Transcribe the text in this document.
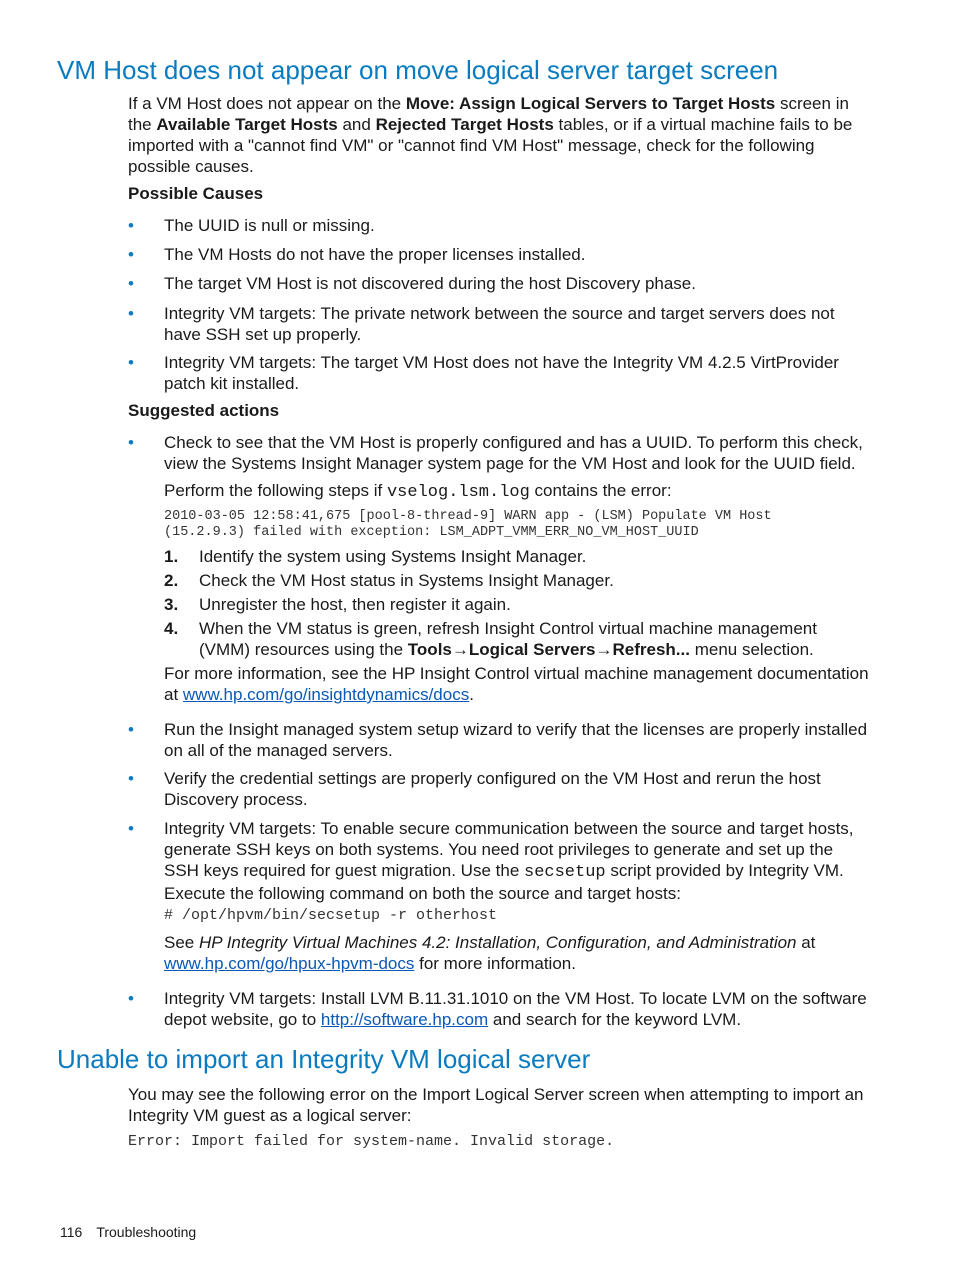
VM Host does not appear on move logical server target screen

If a VM Host does not appear on the Move: Assign Logical Servers to Target Hosts screen in the Available Target Hosts and Rejected Target Hosts tables, or if a virtual machine fails to be imported with a "cannot find VM" or "cannot find VM Host" message, check for the following possible causes.

Possible Causes

• The UUID is null or missing.
• The VM Hosts do not have the proper licenses installed.
• The target VM Host is not discovered during the host Discovery phase.
• Integrity VM targets: The private network between the source and target servers does not have SSH set up properly.
• Integrity VM targets: The target VM Host does not have the Integrity VM 4.2.5 VirtProvider patch kit installed.

Suggested actions

• Check to see that the VM Host is properly configured and has a UUID. To perform this check, view the Systems Insight Manager system page for the VM Host and look for the UUID field.

Perform the following steps if vselog.lsm.log contains the error:

2010-03-05 12:58:41,675 [pool-8-thread-9] WARN app - (LSM) Populate VM Host
(15.2.9.3) failed with exception: LSM_ADPT_VMM_ERR_NO_VM_HOST_UUID
1. Identify the system using Systems Insight Manager.
2. Check the VM Host status in Systems Insight Manager.
3. Unregister the host, then register it again.
4. When the VM status is green, refresh Insight Control virtual machine management (VMM) resources using the Tools→Logical Servers→Refresh... menu selection.

For more information, see the HP Insight Control virtual machine management documentation at www.hp.com/go/insightdynamics/docs.

• Run the Insight managed system setup wizard to verify that the licenses are properly installed on all of the managed servers.
• Verify the credential settings are properly configured on the VM Host and rerun the host Discovery process.
• Integrity VM targets: To enable secure communication between the source and target hosts, generate SSH keys on both systems. You need root privileges to generate and set up the SSH keys required for guest migration. Use the secsetup script provided by Integrity VM. Execute the following command on both the source and target hosts:
# /opt/hpvm/bin/secsetup -r otherhost

See HP Integrity Virtual Machines 4.2: Installation, Configuration, and Administration at www.hp.com/go/hpux-hpvm-docs for more information.

• Integrity VM targets: Install LVM B.11.31.1010 on the VM Host. To locate LVM on the software depot website, go to http://software.hp.com and search for the keyword LVM.
Unable to import an Integrity VM logical server

You may see the following error on the Import Logical Server screen when attempting to import an Integrity VM guest as a logical server:

Error: Import failed for system-name. Invalid storage.
116 Troubleshooting
